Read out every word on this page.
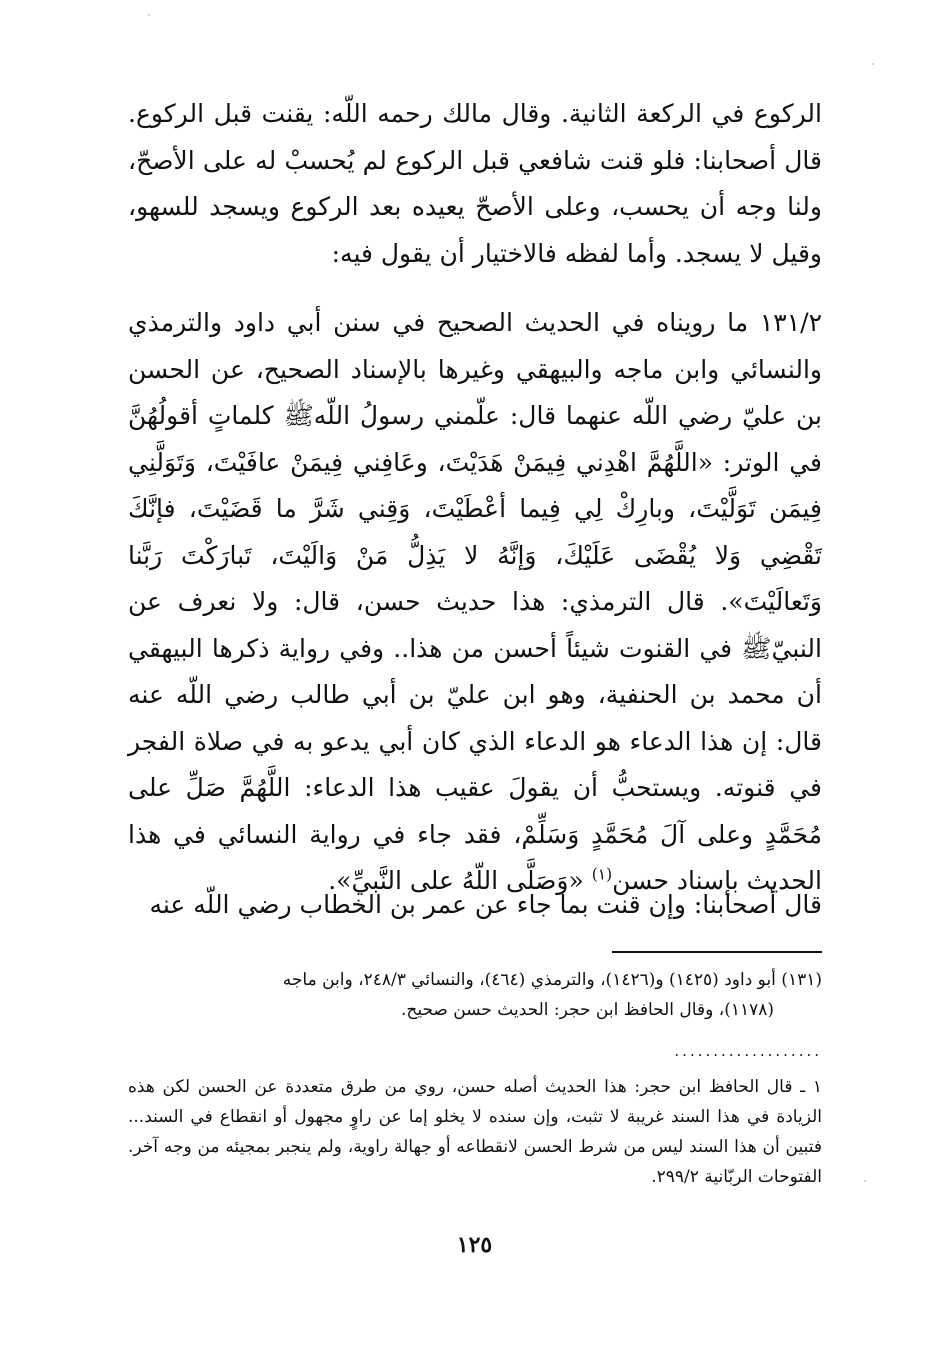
الركوع في الركعة الثانية. وقال مالك رحمه اللّه: يقنت قبل الركوع. قال أصحابنا: فلو قنت شافعي قبل الركوع لم يُحسبْ له على الأصحّ، ولنا وجه أن يحسب، وعلى الأصحّ يعيده بعد الركوع ويسجد للسهو، وقيل لا يسجد. وأما لفظه فالاختيار أن يقول فيه:
١٣١/٢ ما رويناه في الحديث الصحيح في سنن أبي داود والترمذي والنسائي وابن ماجه والبيهقي وغيرها بالإسناد الصحيح، عن الحسن بن عليّ رضي اللّه عنهما قال: علّمني رسولُ اللّهﷺ كلماتٍ أقولُهُنَّ في الوتر: «اللَّهُمَّ اهْدِني فِيمَنْ هَدَيْتَ، وعَافِني فِيمَنْ عافَيْتَ، وَتَوَلَّنِي فِيمَن تَوَلَّيْتَ، وبارِكْ لِي فِيما أعْطَيْتَ، وَقِني شَرَّ ما قَضَيْتَ، فإنَّكَ تَقْضِي وَلا يُقْضَى عَلَيْكَ، وَإنَّهُ لا يَذِلُّ مَنْ وَالَيْتَ، تَبارَكْتَ رَبَّنا وَتَعالَيْتَ». قال الترمذي: هذا حديث حسن، قال: ولا نعرف عن النبيّﷺ في القنوت شيئاً أحسن من هذا.. وفي رواية ذكرها البيهقي أن محمد بن الحنفية، وهو ابن عليّ بن أبي طالب رضي اللّه عنه قال: إن هذا الدعاء هو الدعاء الذي كان أبي يدعو به في صلاة الفجر في قنوته. ويستحبُّ أن يقولَ عقيب هذا الدعاء: اللَّهُمَّ صَلِّ على مُحَمَّدٍ وعلى آلَ مُحَمَّدٍ وَسَلِّمْ، فقد جاء في رواية النسائي في هذا الحديث بإسناد حسن$^{(١)}$ «وَصَلَّى اللّهُ على النَّبيِّ».
قال أصحابنا: وإن قنت بما جاء عن عمر بن الخطاب رضي اللّه عنه
(١٣١) أبو داود (١٤٢٥) و(١٤٢٦)، والترمذي (٤٦٤)، والنسائي ٢٤٨/٣، وابن ماجه
(١١٧٨)، وقال الحافظ ابن حجر: الحديث حسن صحيح.
...................
١ ـ قال الحافظ ابن حجر: هذا الحديث أصله حسن، روي من طرق متعددة عن الحسن لكن هذه الزيادة في هذا السند غريبة لا تثبت، وإن سنده لا يخلو إما عن راوٍ مجهول أو انقطاع في السند... فتبين أن هذا السند ليس من شرط الحسن لانقطاعه أو جهالة راوية، ولم ينجبر بمجيئه من وجه آخر. الفتوحات الربّانية ٢٩٩/٢.
١٢٥
